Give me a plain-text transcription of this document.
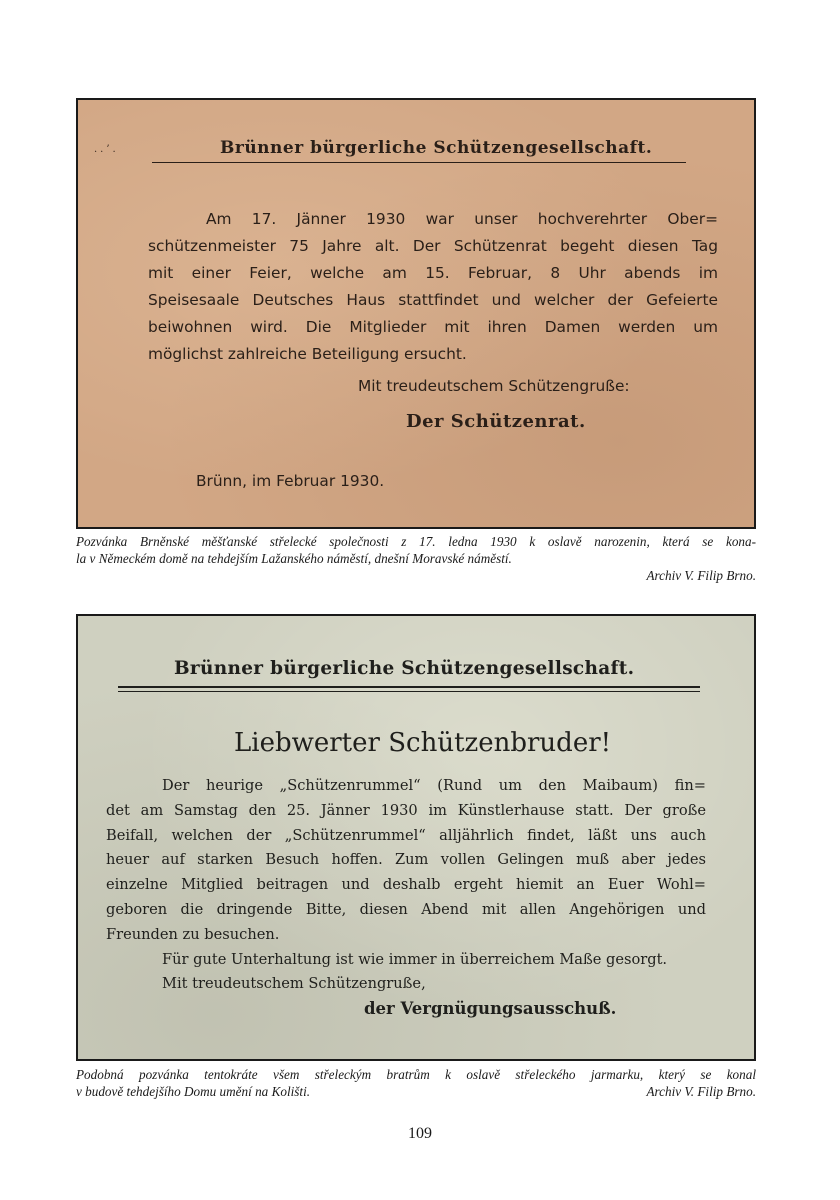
..’.	Brünner bürgerliche Schützengesellschaft.

Am 17. Jänner 1930 war unser hochverehrter Ober=
schützenmeister 75 Jahre alt. Der Schützenrat begeht diesen Tag
mit einer Feier, welche am 15. Februar, 8 Uhr abends im
Speisesaale Deutsches Haus stattfindet und welcher der Gefeierte
beiwohnen wird. Die Mitglieder mit ihren Damen werden um
möglichst zahlreiche Beteiligung ersucht.

Mit treudeutschem Schützengruße:
Der Schützenrat.
Brünn, im Februar 1930.

Pozvánka Brněnské měšťanské střelecké společnosti z 17. ledna 1930 k oslavě narozenin, která se kona-
la v Německém domě na tehdejším Lažanského náměstí, dnešní Moravské náměstí.
Archiv V. Filip Brno.

Brünner bürgerliche Schützengesellschaft.
Liebwerter Schützenbruder!

Der heurige „Schützenrummel“ (Rund um den Maibaum) fin=
det am Samstag den 25. Jänner 1930 im Künstlerhause statt. Der große
Beifall, welchen der „Schützenrummel“ alljährlich findet, läßt uns auch
heuer auf starken Besuch hoffen. Zum vollen Gelingen muß aber jedes
einzelne Mitglied beitragen und deshalb ergeht hiemit an Euer Wohl=
geboren die dringende Bitte, diesen Abend mit allen Angehörigen und
Freunden zu besuchen.
Für gute Unterhaltung ist wie immer in überreichem Maße gesorgt.
Mit treudeutschem Schützengruße,

der Vergnügungsausschuß.
Podobná pozvánka tentokráte všem střeleckým bratrům k oslavě střeleckého jarmarku, který se konal
v budově tehdejšího Domu umění na Kolišti.	Archiv V. Filip Brno.
109
